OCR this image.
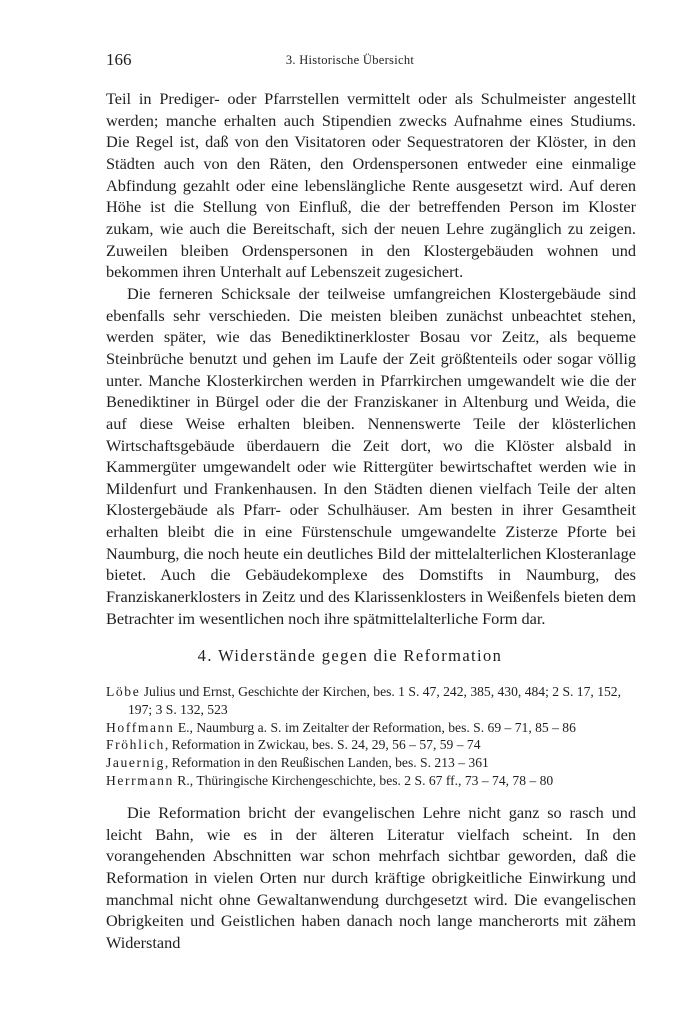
166	3. Historische Übersicht

Teil in Prediger- oder Pfarrstellen vermittelt oder als Schulmeister angestellt werden; manche erhalten auch Stipendien zwecks Aufnahme eines Studiums. Die Regel ist, daß von den Visitatoren oder Sequestratoren der Klöster, in den Städten auch von den Räten, den Ordenspersonen entweder eine einmalige Abfindung gezahlt oder eine lebenslängliche Rente ausgesetzt wird. Auf deren Höhe ist die Stellung von Einfluß, die der betreffenden Person im Kloster zukam, wie auch die Bereitschaft, sich der neuen Lehre zugänglich zu zeigen. Zuweilen bleiben Ordenspersonen in den Klostergebäuden wohnen und bekommen ihren Unterhalt auf Lebenszeit zugesichert.

Die ferneren Schicksale der teilweise umfangreichen Klostergebäude sind ebenfalls sehr verschieden. Die meisten bleiben zunächst unbeachtet stehen, werden später, wie das Benediktinerkloster Bosau vor Zeitz, als bequeme Steinbrüche benutzt und gehen im Laufe der Zeit größtenteils oder sogar völlig unter. Manche Klosterkirchen werden in Pfarrkirchen umgewandelt wie die der Benediktiner in Bürgel oder die der Franziskaner in Altenburg und Weida, die auf diese Weise erhalten bleiben. Nennenswerte Teile der klösterlichen Wirtschaftsgebäude überdauern die Zeit dort, wo die Klöster alsbald in Kammergüter umgewandelt oder wie Rittergüter bewirtschaftet werden wie in Mildenfurt und Frankenhausen. In den Städten dienen vielfach Teile der alten Klostergebäude als Pfarr- oder Schulhäuser. Am besten in ihrer Gesamtheit erhalten bleibt die in eine Fürstenschule umgewandelte Zisterze Pforte bei Naumburg, die noch heute ein deutliches Bild der mittelalterlichen Klosteranlage bietet. Auch die Gebäudekomplexe des Domstifts in Naumburg, des Franziskanerklosters in Zeitz und des Klarissenklosters in Weißenfels bieten dem Betrachter im wesentlichen noch ihre spätmittelalterliche Form dar.

4. Widerstände gegen die Reformation
Löbe Julius und Ernst, Geschichte der Kirchen, bes. 1 S. 47, 242, 385, 430, 484; 2 S. 17, 152, 197; 3 S. 132, 523
Hoffmann E., Naumburg a. S. im Zeitalter der Reformation, bes. S. 69 – 71, 85 – 86
Fröhlich, Reformation in Zwickau, bes. S. 24, 29, 56 – 57, 59 – 74
Jauernig, Reformation in den Reußischen Landen, bes. S. 213 – 361
Herrmann R., Thüringische Kirchengeschichte, bes. 2 S. 67 ff., 73 – 74, 78 – 80

Die Reformation bricht der evangelischen Lehre nicht ganz so rasch und leicht Bahn, wie es in der älteren Literatur vielfach scheint. In den vorangehenden Abschnitten war schon mehrfach sichtbar geworden, daß die Reformation in vielen Orten nur durch kräftige obrigkeitliche Einwirkung und manchmal nicht ohne Gewaltanwendung durchgesetzt wird. Die evangelischen Obrigkeiten und Geistlichen haben danach noch lange mancherorts mit zähem Widerstand
